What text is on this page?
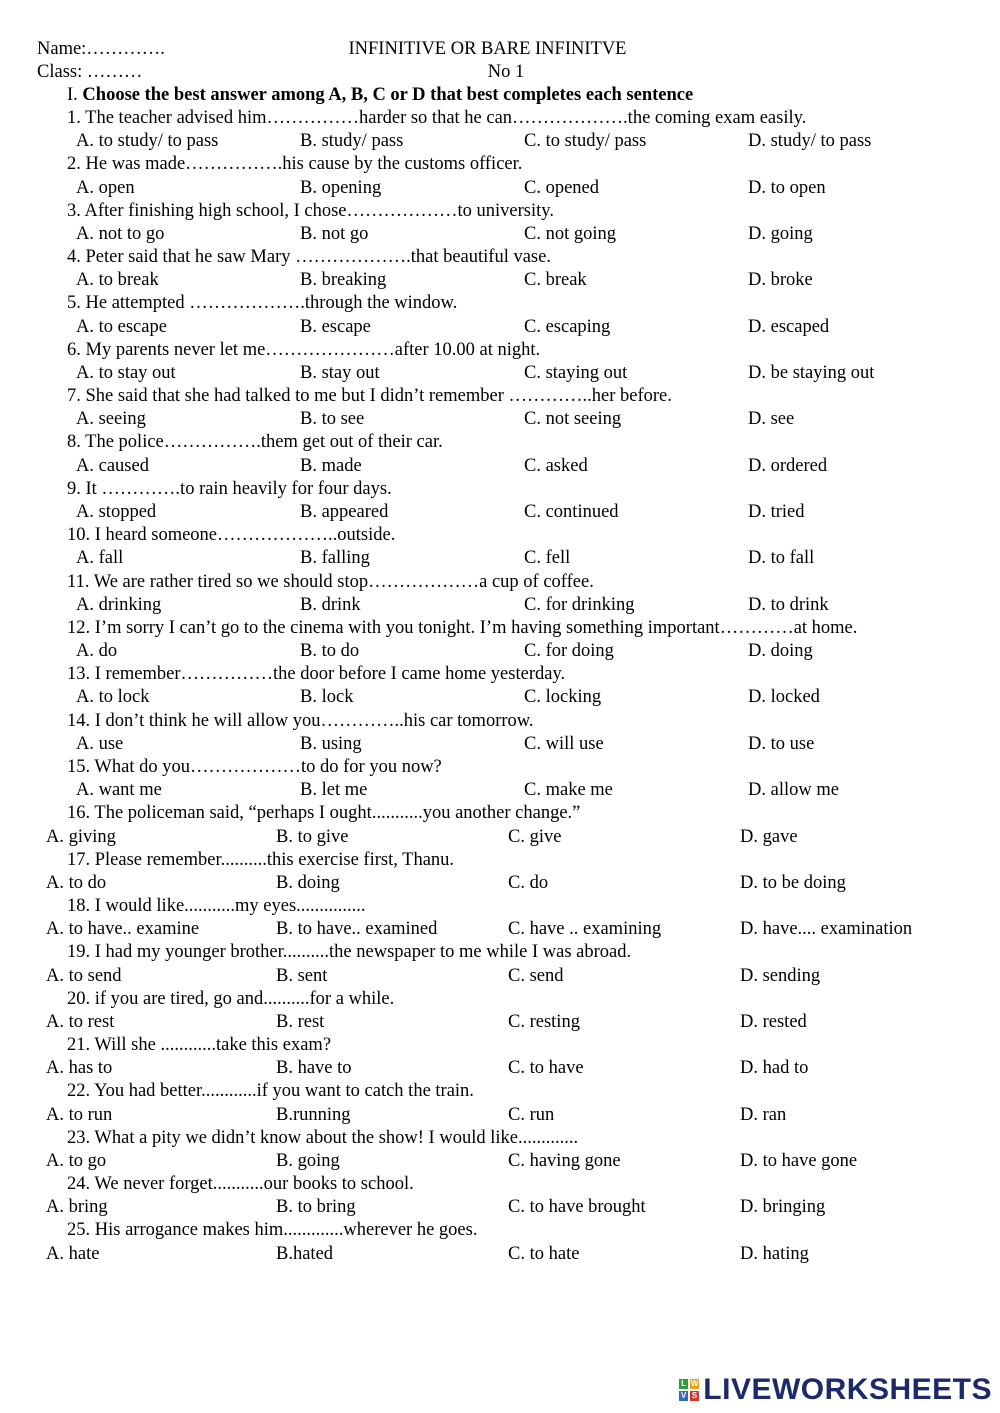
Name:………….	INFINITIVE OR BARE INFINITVE
Class: ………	No 1
I. Choose the best answer among A, B, C or D that best completes each sentence
1. The teacher advised him……………harder so that he can……………….the coming exam easily.
A. to study/ to pass	B. study/ pass	C. to study/ pass	D. study/ to pass
2. He was made…………….his cause by the customs officer.
A. open	B. opening	C. opened	D. to open
3. After finishing high school, I chose………………to university.
A. not to go	B. not go	C. not going	D. going
4. Peter said that he saw Mary ……………….that beautiful vase.
A. to break	B. breaking	C. break	D. broke
5. He attempted ……………….through the window.
A. to escape	B. escape	C. escaping	D. escaped
6. My parents never let me…………………after 10.00 at night.
A. to stay out	B. stay out	C. staying out	D. be staying out
7. She said that she had talked to me but I didn’t remember …………..her before.
A. seeing	B. to see	C. not seeing	D. see
8. The police…………….them get out of their car.
A. caused	B. made	C. asked	D. ordered
9. It ………….to rain heavily for four days.
A. stopped	B. appeared	C. continued	D. tried
10. I heard someone………………..outside.
A. fall	B. falling	C. fell	D. to fall
11. We are rather tired so we should stop………………a cup of coffee.
A. drinking	B. drink	C. for drinking	D. to drink
12. I’m sorry I can’t go to the cinema with you tonight. I’m having something important…………at home.
A. do	B. to do	C. for doing	D. doing
13. I remember……………the door before I came home yesterday.
A. to lock	B. lock	C. locking	D. locked
14. I don’t think he will allow you…………..his car tomorrow.
A. use	B. using	C. will use	D. to use
15. What do you………………to do for you now?
A. want me	B. let me	C. make me	D. allow me
16. The policeman said, “perhaps I ought...........you another change.”
A. giving	B. to give	C. give	D. gave
17. Please remember..........this exercise first, Thanu.
A. to do	B. doing	C. do	D. to be doing
18. I would like...........my eyes...............
A. to have.. examine	B. to have.. examined	C. have .. examining	D. have.... examination
19. I had my younger brother..........the newspaper to me while I was abroad.
A. to send	B. sent	C. send	D. sending
20. if you are tired, go and..........for a while.
A. to rest	B. rest	C. resting	D. rested
21. Will she ............take this exam?
A. has to	B. have to	C. to have	D. had to
22. You had better............if you want to catch the train.
A. to run	B.running	C. run	D. ran
23. What a pity we didn’t know about the show! I would like.............
A. to go	B. going	C. having gone	D. to have gone
24. We never forget...........our books to school.
A. bring	B. to bring	C. to have brought	D. bringing
25. His arrogance makes him.............wherever he goes.
A. hate	B.hated	C. to hate	D. hating
L W
V S LIVEWORKSHEETS
